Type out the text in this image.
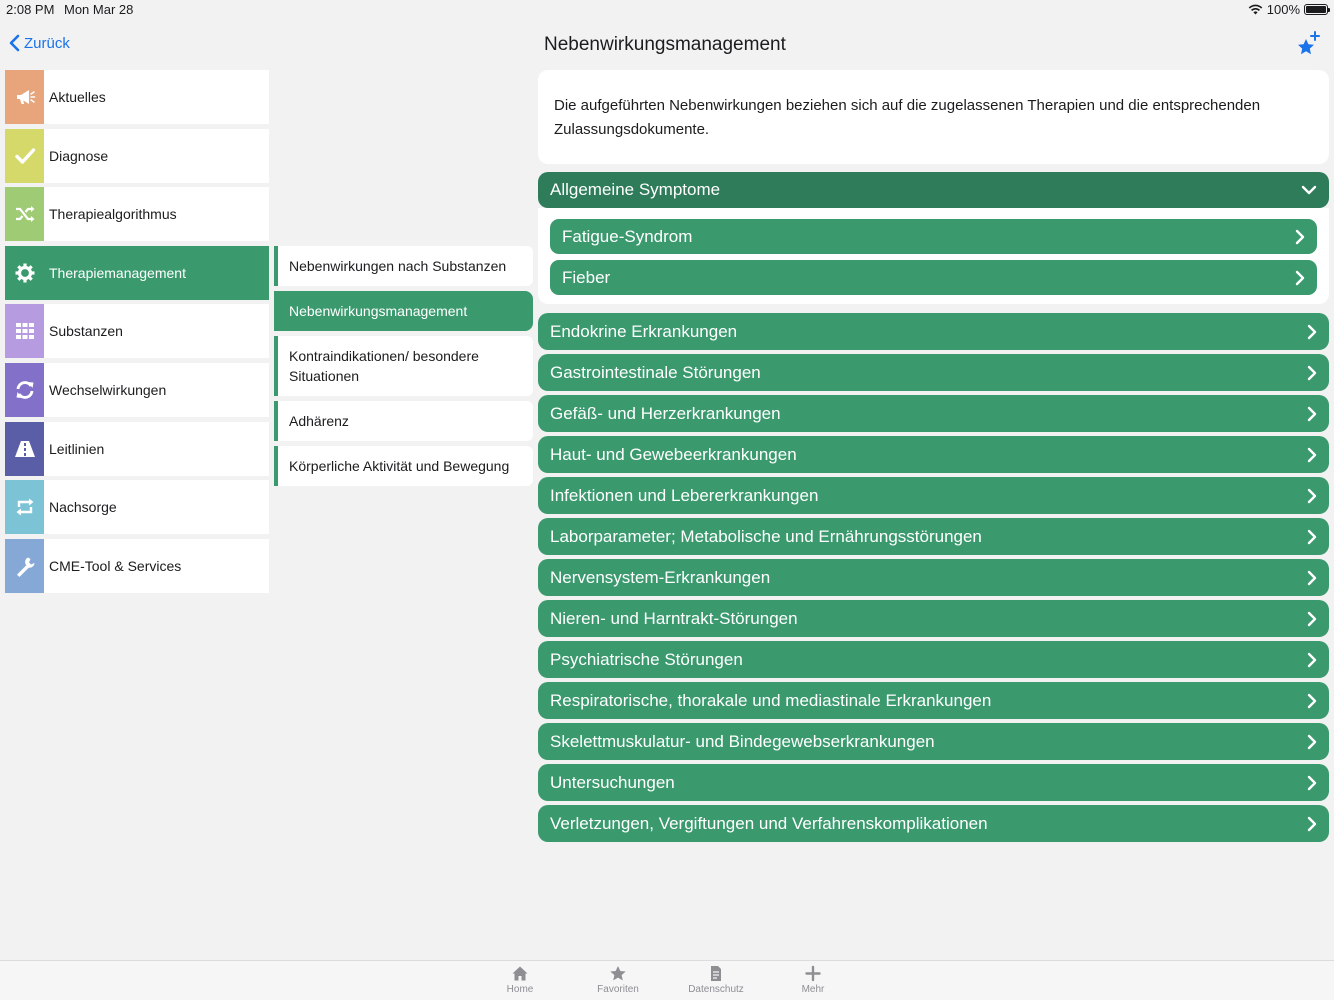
2:08 PM Mon Mar 28	100%
Zurück	Nebenwirkungsmanagement
Aktuelles
Diagnose
Therapiealgorithmus
Therapiemanagement
Substanzen
Wechselwirkungen
Leitlinien
Nachsorge
CME-Tool & Services
Nebenwirkungen nach Substanzen
Nebenwirkungsmanagement
Kontraindikationen/ besondere Situationen
Adhärenz
Körperliche Aktivität und Bewegung
Die aufgeführten Nebenwirkungen beziehen sich auf die zugelassenen Therapien und die entsprechenden Zulassungsdokumente.
Allgemeine Symptome
Fatigue-Syndrom
Fieber
Endokrine Erkrankungen
Gastrointestinale Störungen
Gefäß- und Herzerkrankungen
Haut- und Gewebeerkrankungen
Infektionen und Lebererkrankungen
Laborparameter; Metabolische und Ernährungsstörungen
Nervensystem-Erkrankungen
Nieren- und Harntrakt-Störungen
Psychiatrische Störungen
Respiratorische, thorakale und mediastinale Erkrankungen
Skelettmuskulatur- und Bindegewebserkrankungen
Untersuchungen
Verletzungen, Vergiftungen und Verfahrenskomplikationen
Home	Favoriten	Datenschutz	Mehr
